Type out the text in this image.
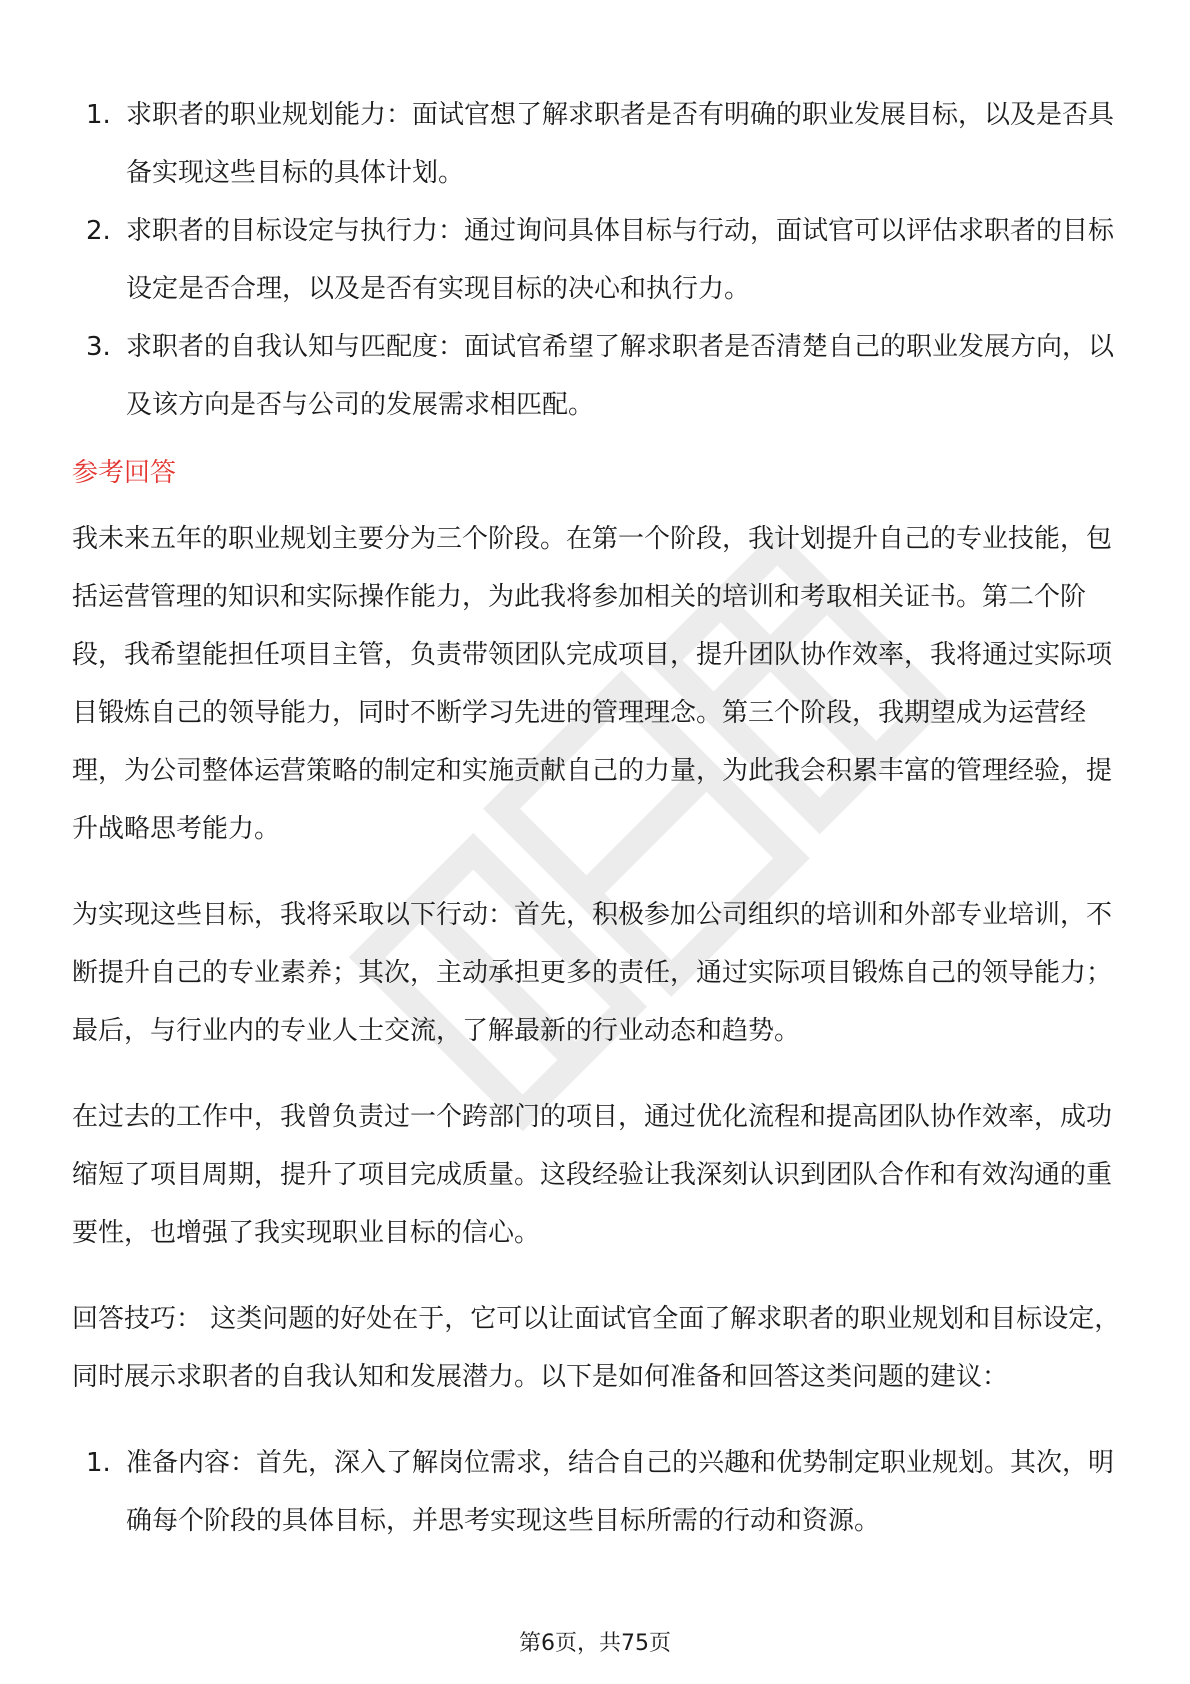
1. 求职者的职业规划能力：面试官想了解求职者是否有明确的职业发展目标，以及是否具备实现这些目标的具体计划。
2. 求职者的目标设定与执行力：通过询问具体目标与行动，面试官可以评估求职者的目标设定是否合理，以及是否有实现目标的决心和执行力。
3. 求职者的自我认知与匹配度：面试官希望了解求职者是否清楚自己的职业发展方向，以及该方向是否与公司的发展需求相匹配。
参考回答

我未来五年的职业规划主要分为三个阶段。在第一个阶段，我计划提升自己的专业技能，包括运营管理的知识和实际操作能力，为此我将参加相关的培训和考取相关证书。第二个阶段，我希望能担任项目主管，负责带领团队完成项目，提升团队协作效率，我将通过实际项目锻炼自己的领导能力，同时不断学习先进的管理理念。第三个阶段，我期望成为运营经理，为公司整体运营策略的制定和实施贡献自己的力量，为此我会积累丰富的管理经验，提升战略思考能力。

为实现这些目标，我将采取以下行动：首先，积极参加公司组织的培训和外部专业培训，不断提升自己的专业素养；其次，主动承担更多的责任，通过实际项目锻炼自己的领导能力；最后，与行业内的专业人士交流，了解最新的行业动态和趋势。

在过去的工作中，我曾负责过一个跨部门的项目，通过优化流程和提高团队协作效率，成功缩短了项目周期，提升了项目完成质量。这段经验让我深刻认识到团队合作和有效沟通的重要性，也增强了我实现职业目标的信心。

回答技巧： 这类问题的好处在于，它可以让面试官全面了解求职者的职业规划和目标设定，同时展示求职者的自我认知和发展潜力。以下是如何准备和回答这类问题的建议：

1. 准备内容：首先，深入了解岗位需求，结合自己的兴趣和优势制定职业规划。其次，明确每个阶段的具体目标，并思考实现这些目标所需的行动和资源。
第6页，共75页
